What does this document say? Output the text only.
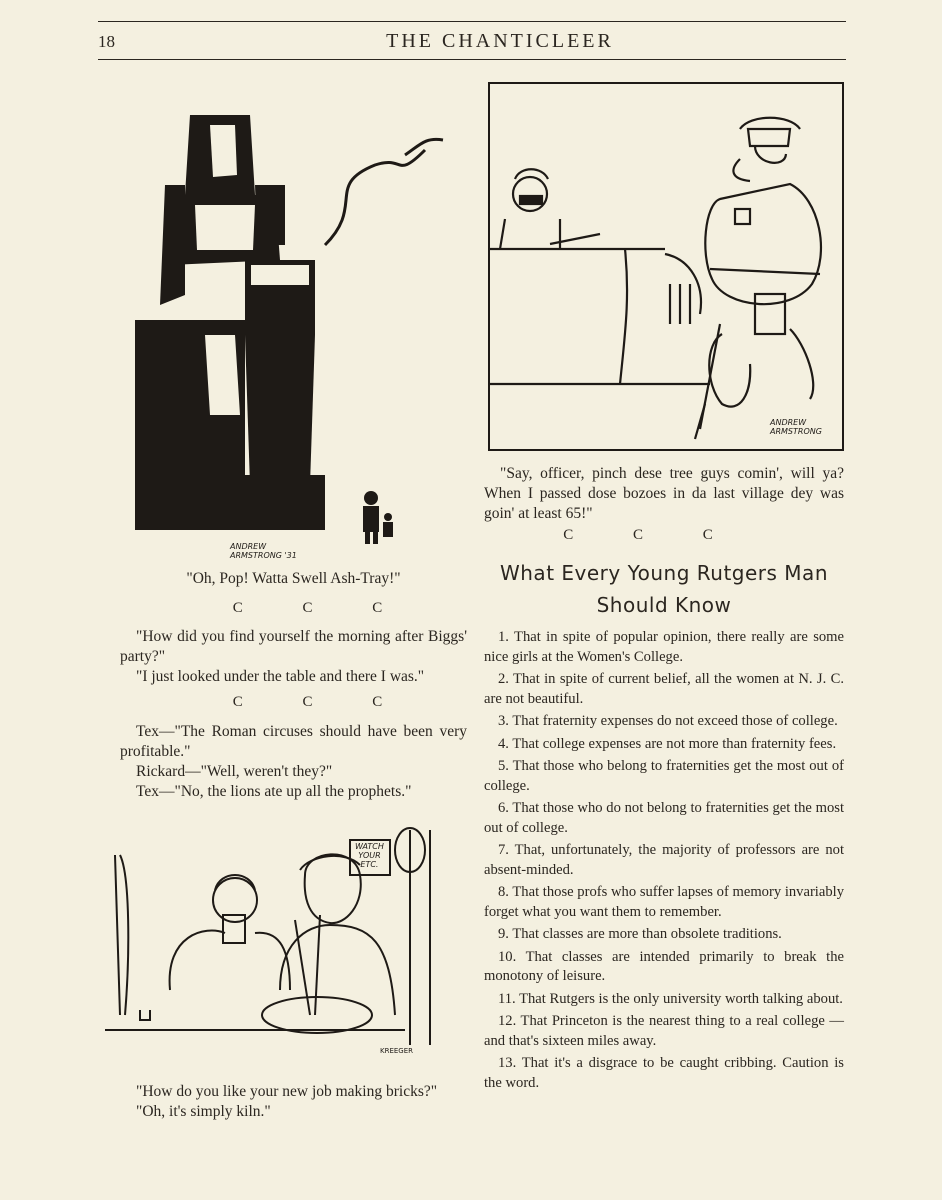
18	THE CHANTICLEER
ANDREW
ARMSTRONG '31
"Oh, Pop! Watta Swell Ash-Tray!"
C C C

"How did you find yourself the morning after Biggs' party?"

"I just looked under the table and there I was."

C C C

Tex—"The Roman circuses should have been very profitable."

Rickard—"Well, weren't they?"

Tex—"No, the lions ate up all the prophets."

WATCH
YOUR
ETC.
KREEGER

"How do you like your new job making bricks?"

"Oh, it's simply kiln."

ANDREW
ARMSTRONG

"Say, officer, pinch dese tree guys comin', will ya? When I passed dose bozoes in da last village dey was goin' at least 65!"

C C C
What Every Young Rutgers Man
Should Know

1. That in spite of popular opinion, there really are some nice girls at the Women's College.

2. That in spite of current belief, all the women at N. J. C. are not beautiful.

3. That fraternity expenses do not exceed those of college.

4. That college expenses are not more than fraternity fees.

5. That those who belong to fraternities get the most out of college.

6. That those who do not belong to fraternities get the most out of college.

7. That, unfortunately, the majority of professors are not absent-minded.

8. That those profs who suffer lapses of memory invariably forget what you want them to remember.

9. That classes are more than obsolete traditions.

10. That classes are intended primarily to break the monotony of leisure.

11. That Rutgers is the only university worth talking about.

12. That Princeton is the nearest thing to a real college —and that's sixteen miles away.

13. That it's a disgrace to be caught cribbing. Caution is the word.
